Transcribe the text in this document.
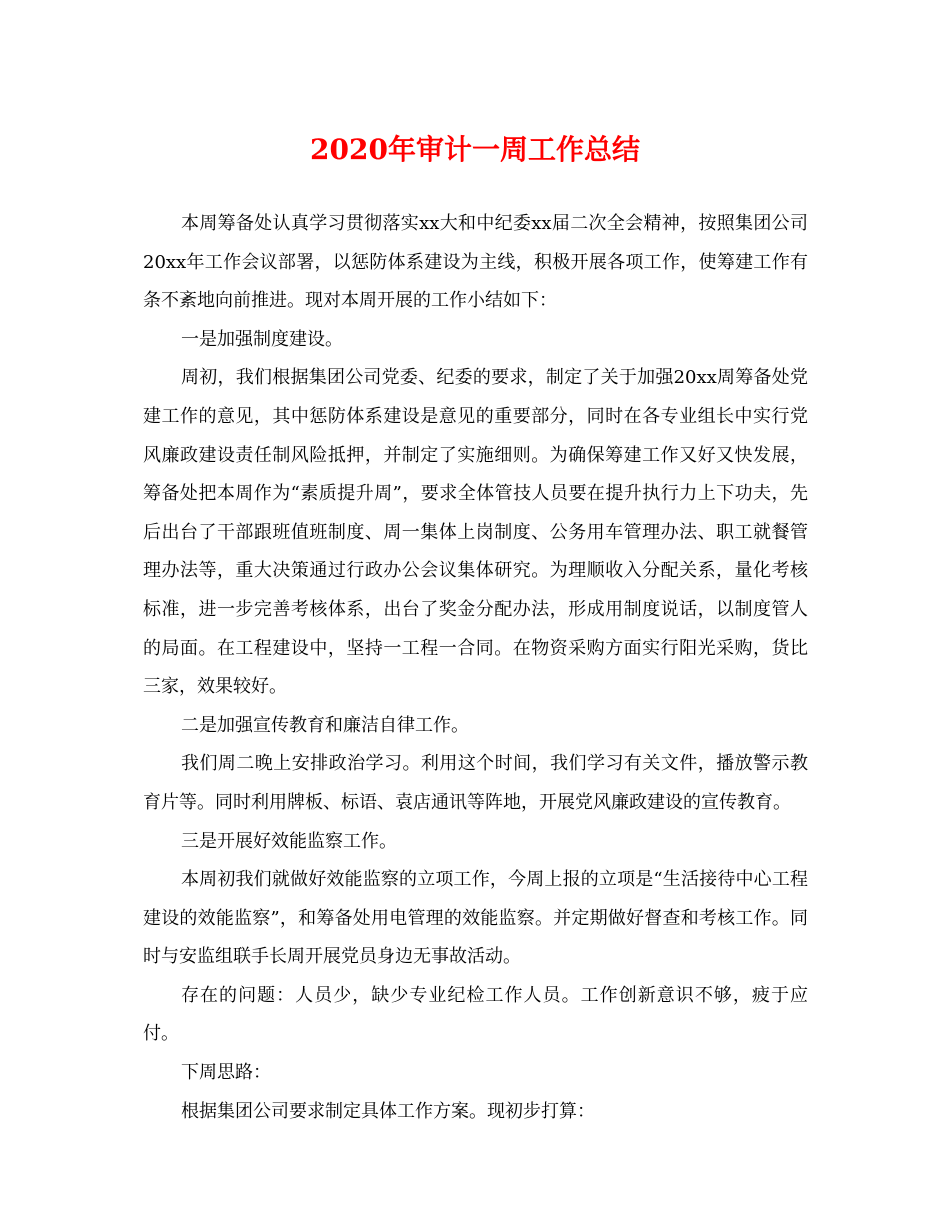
2020年审计一周工作总结

本周筹备处认真学习贯彻落实xx大和中纪委xx届二次全会精神，按照集团公司20xx年工作会议部署，以惩防体系建设为主线，积极开展各项工作，使筹建工作有条不紊地向前推进。现对本周开展的工作小结如下：

一是加强制度建设。

周初，我们根据集团公司党委、纪委的要求，制定了关于加强20xx周筹备处党建工作的意见，其中惩防体系建设是意见的重要部分，同时在各专业组长中实行党风廉政建设责任制风险抵押，并制定了实施细则。为确保筹建工作又好又快发展，筹备处把本周作为“素质提升周”，要求全体管技人员要在提升执行力上下功夫，先后出台了干部跟班值班制度、周一集体上岗制度、公务用车管理办法、职工就餐管理办法等，重大决策通过行政办公会议集体研究。为理顺收入分配关系，量化考核标准，进一步完善考核体系，出台了奖金分配办法，形成用制度说话，以制度管人的局面。在工程建设中，坚持一工程一合同。在物资采购方面实行阳光采购，货比三家，效果较好。

二是加强宣传教育和廉洁自律工作。

我们周二晚上安排政治学习。利用这个时间，我们学习有关文件，播放警示教育片等。同时利用牌板、标语、袁店通讯等阵地，开展党风廉政建设的宣传教育。

三是开展好效能监察工作。

本周初我们就做好效能监察的立项工作，今周上报的立项是“生活接待中心工程建设的效能监察”，和筹备处用电管理的效能监察。并定期做好督查和考核工作。同时与安监组联手长周开展党员身边无事故活动。

存在的问题：人员少，缺少专业纪检工作人员。工作创新意识不够，疲于应付。

下周思路：

根据集团公司要求制定具体工作方案。现初步打算：
